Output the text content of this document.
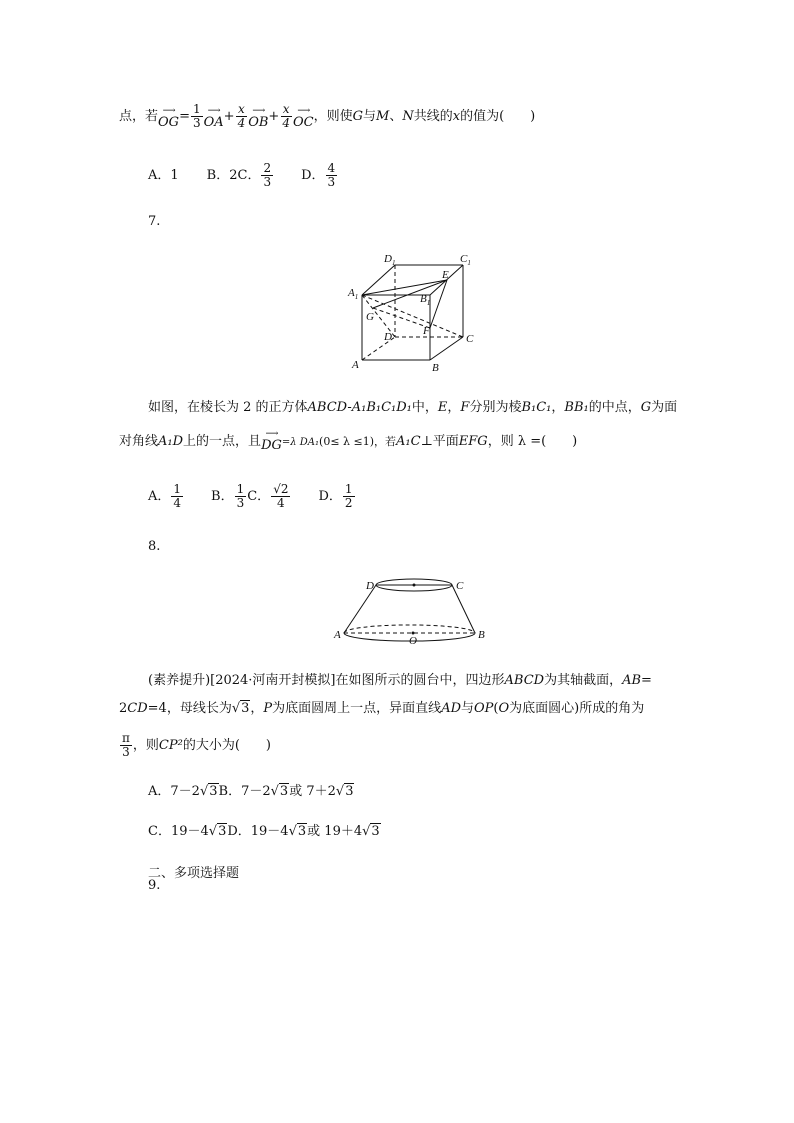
点，若 ⟶
OG = $\frac{1}{3}$ ⟶
OA + $\frac{x}{4}$ ⟶
OB + $\frac{x}{4}$ ⟶
OC ，则使G与M、N共线的x的值为(　　)
A．1 B．2C． $\frac{2}{3}$ D． $\frac{4}{3}$
7.
$D_1$	$C_1$
$A_1$	$B_1$
E
G
F
D	C
A	B
如图，在棱长为 2 的正方体ABCD-A₁B₁C₁D₁中，E，F分别为棱B₁C₁，BB₁的中点，G为面
对角线A₁D上的一点，且 ⟶
DG =λ DA₁(0≤ λ ≤1)，若A₁C⊥平面EFG，则 λ =(　　)
A． $\frac{1}{4}$ B． $\frac{1}{3}$ C． $\frac{√2}{4}$ D． $\frac{1}{2}$
8.
D	C
A	B
O
(素养提升)[2024·河南开封模拟]在如图所示的圆台中，四边形ABCD为其轴截面，AB=
2CD=4，母线长为√3，P为底面圆周上一点，异面直线AD与OP(O为底面圆心)所成的角为
$\frac{\pi}{3}$ ，则CP²的大小为(　　)
A．7－2√3B．7－2√3或 7＋2√3
C．19－4√3D．19－4√3或 19＋4√3
二、多项选择题
9.
